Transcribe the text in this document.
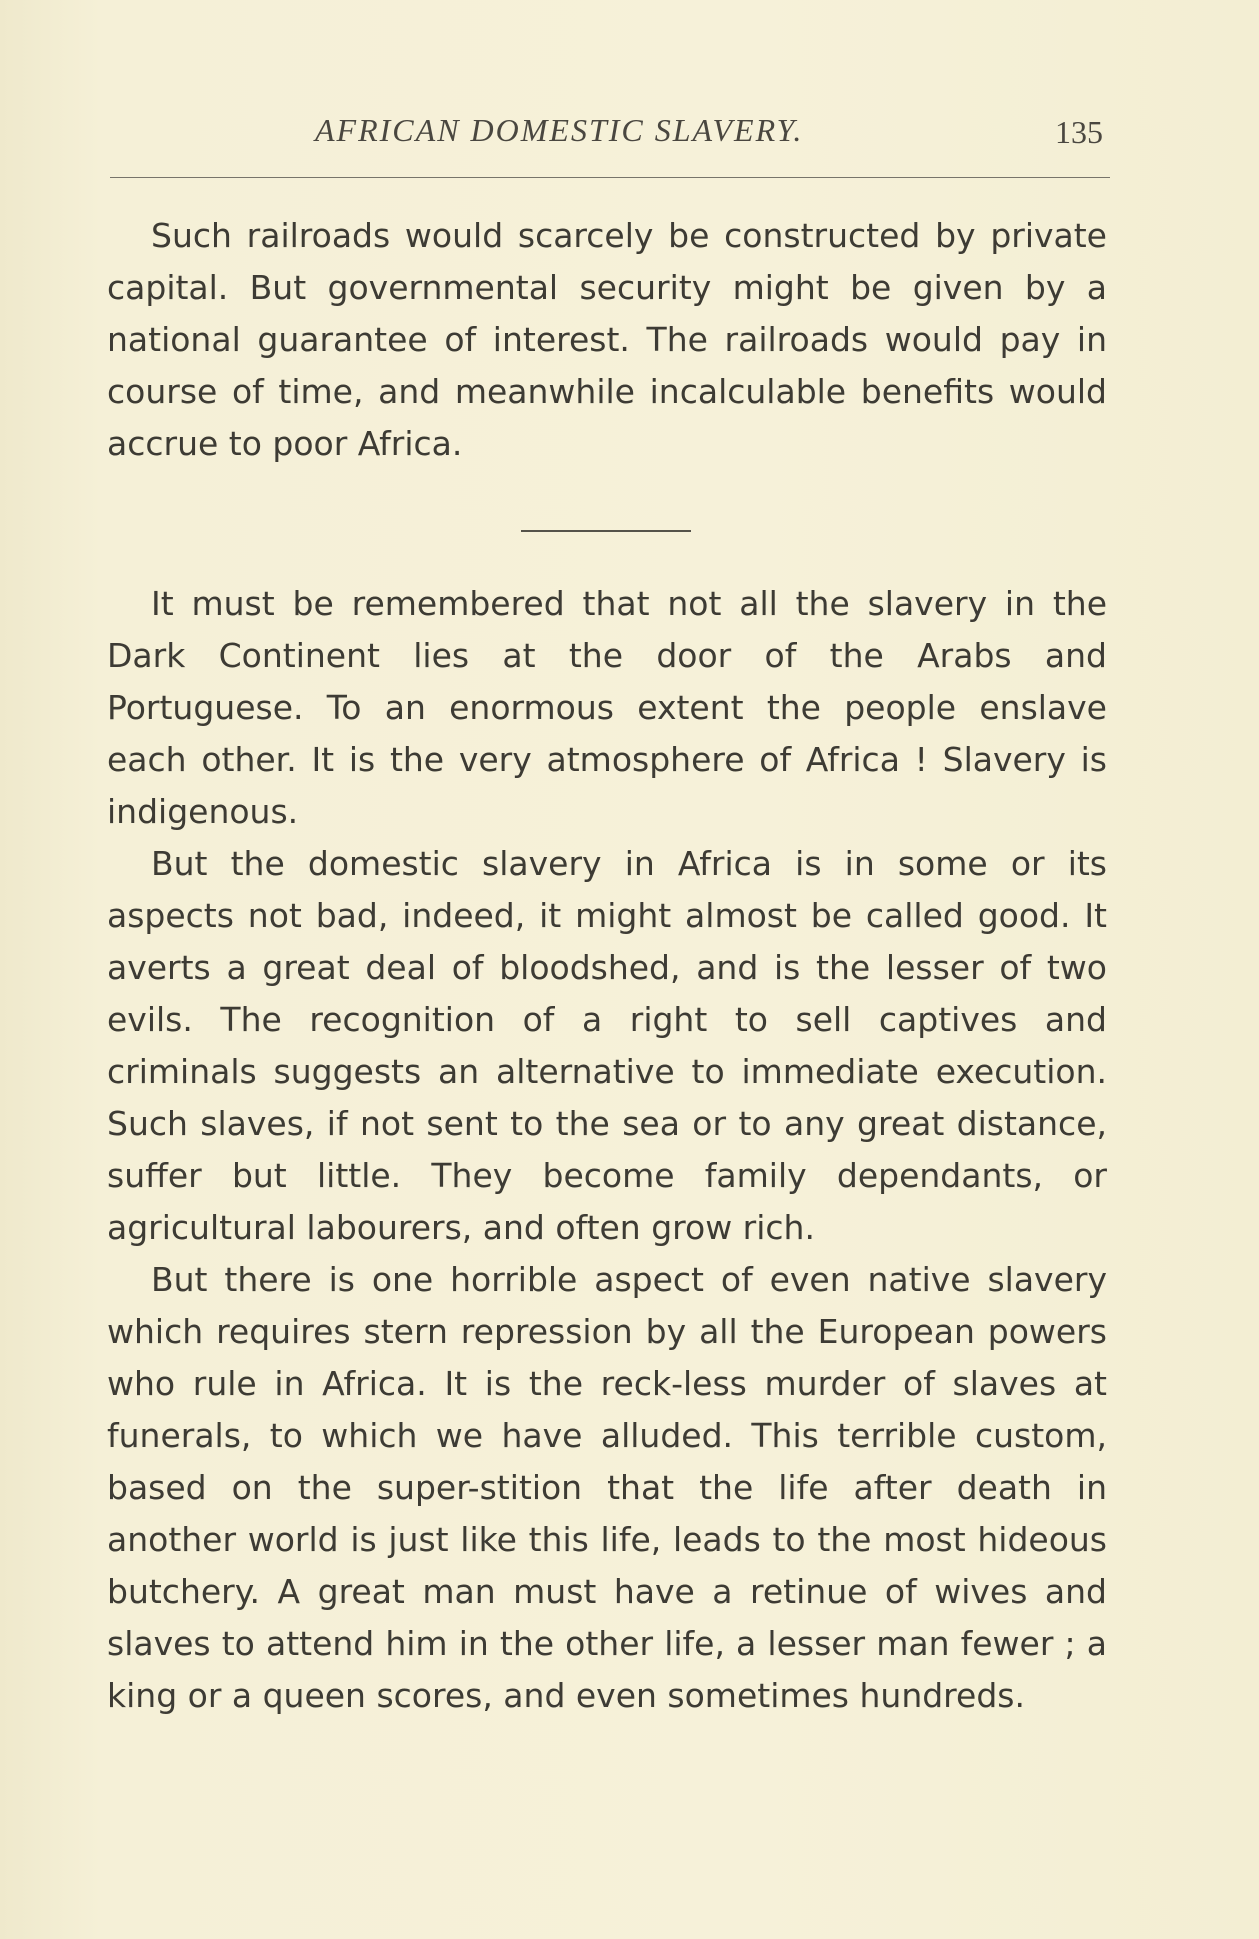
AFRICAN DOMESTIC SLAVERY.	135

Such railroads would scarcely be constructed by private capital. But governmental security might be given by a national guarantee of interest. The railroads would pay in course of time, and meanwhile incalculable benefits would accrue to poor Africa.

It must be remembered that not all the slavery in the Dark Continent lies at the door of the Arabs and Portuguese. To an enormous extent the people enslave each other. It is the very atmosphere of Africa ! Slavery is indigenous.

But the domestic slavery in Africa is in some or its aspects not bad, indeed, it might almost be called good. It averts a great deal of bloodshed, and is the lesser of two evils. The recognition of a right to sell captives and criminals suggests an alternative to immediate execution. Such slaves, if not sent to the sea or to any great distance, suffer but little. They become family dependants, or agricultural labourers, and often grow rich.

But there is one horrible aspect of even native slavery which requires stern repression by all the European powers who rule in Africa. It is the reck-less murder of slaves at funerals, to which we have alluded. This terrible custom, based on the super-stition that the life after death in another world is just like this life, leads to the most hideous butchery. A great man must have a retinue of wives and slaves to attend him in the other life, a lesser man fewer ; a king or a queen scores, and even sometimes hundreds.
